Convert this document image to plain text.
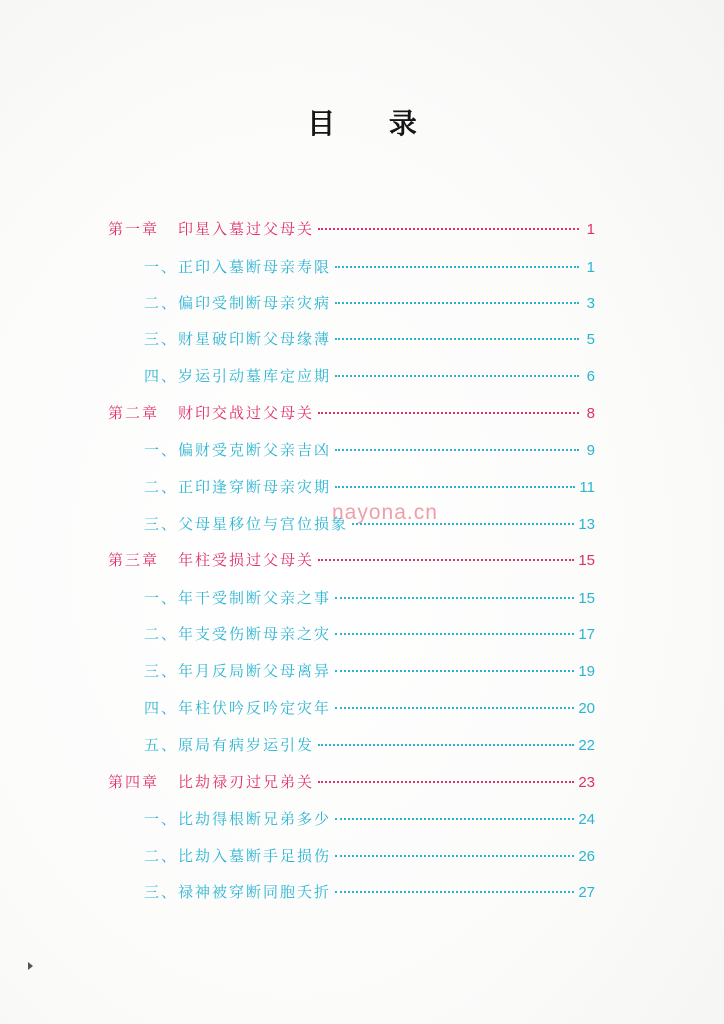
目 录
第一章 印星入墓过父母关	1
一、正印入墓断母亲寿限	1
二、偏印受制断母亲灾病	3
三、财星破印断父母缘薄	5
四、岁运引动墓库定应期	6
第二章 财印交战过父母关	8
一、偏财受克断父亲吉凶	9
二、正印逢穿断母亲灾期	11
三、父母星移位与宫位损象	13
第三章 年柱受损过父母关	15
一、年干受制断父亲之事	15
二、年支受伤断母亲之灾	17
三、年月反局断父母离异	19
四、年柱伏吟反吟定灾年	20
五、原局有病岁运引发	22
第四章 比劫禄刃过兄弟关	23
一、比劫得根断兄弟多少	24
二、比劫入墓断手足损伤	26
三、禄神被穿断同胞夭折	27
nayona.cn
